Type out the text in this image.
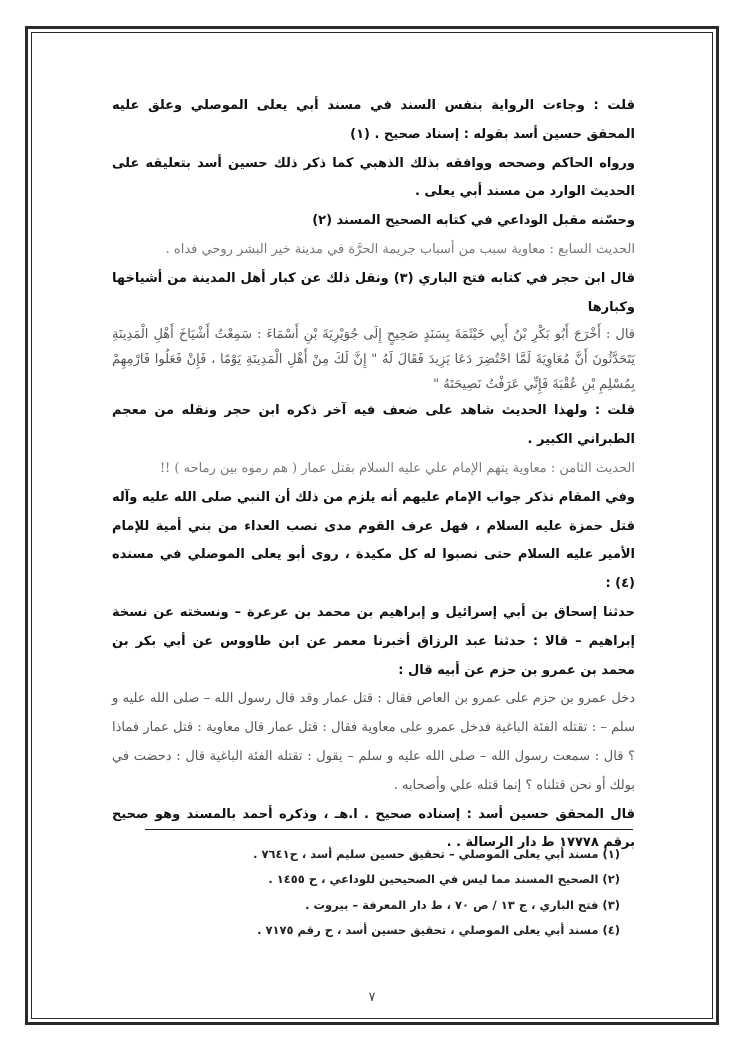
قلت : وجاءت الرواية بنفس السند في مسند أبي يعلى الموصلي وعلق عليه المحقق حسين أسد بقوله : إسناد صحيح . (١)

ورواه الحاكم وصححه ووافقه بذلك الذهبي كما ذكر ذلك حسين أسد بتعليقه على الحديث الوارد من مسند أبي يعلى .

وحسّنه مقبل الوداعي في كتابه الصحيح المسند (٢)

الحديث السابع : معاوية سبب من أسباب جريمة الحرَّة في مدينة خير البشر روحي فداه .

قال ابن حجر في كتابه فتح الباري (٣) ونقل ذلك عن كبار أهل المدينة من أشياخها وكبارها

قال : أَخْرَجَ أَبُو بَكْرِ بْنُ أَبِي خَيْثَمَةَ بِسَنَدٍ صَحِيحٍ إِلَى جُوَيْرِيَةَ بْنِ أَسْمَاءَ : سَمِعْتُ أَشْيَاخَ أَهْلِ الْمَدِينَةِ يَتَحَدَّثُونَ أَنَّ مُعَاوِيَةَ لَمَّا احْتُضِرَ دَعَا يَزِيدَ فَقَالَ لَهُ " إِنَّ لَكَ مِنْ أَهْلِ الْمَدِينَةِ يَوْمًا ، فَإِنْ فَعَلُوا فَارْمِهِمْ بِمُسْلِمِ بْنِ عُقْبَةَ فَإِنِّي عَرَفْتُ نَصِيحَتَهُ "

قلت : ولهذا الحديث شاهد على ضعف فيه آخر ذكره ابن حجر ونقله من معجم الطبراني الكبير .

الحديث الثامن : معاوية يتهم الإمام علي عليه السلام بقتل عمار ( هم رموه بين رماحه ) !!

وفي المقام نذكر جواب الإمام عليهم أنه يلزم من ذلك أن النبي صلى الله عليه وآله قتل حمزة عليه السلام ، فهل عرف القوم مدى نصب العداء من بني أمية للإمام الأمير عليه السلام حتى نصبوا له كل مكيدة ، روى أبو يعلى الموصلي في مسنده (٤) :

حدثنا إسحاق بن أبي إسرائيل و إبراهيم بن محمد بن عرعرة – ونسخته عن نسخة إبراهيم – قالا : حدثنا عبد الرزاق أخبرنا معمر عن ابن طاووس عن أبي بكر بن محمد بن عمرو بن حزم عن أبيه قال :

دخل عمرو بن حزم على عمرو بن العاص فقال : قتل عمار وقد قال رسول الله – صلى الله عليه و سلم – : تقتله الفئة الباغية فدخل عمرو على معاوية فقال : قتل عمار قال معاوية : قتل عمار فماذا ؟ قال : سمعت رسول الله – صلى الله عليه و سلم – يقول : تقتله الفئة الباغية قال : دحضت في بولك أو نحن قتلناه ؟ إنما قتله علي وأصحابه .

قال المحقق حسين أسد : إسناده صحيح . ا.هـ ، وذكره أحمد بالمسند وهو صحيح برقم ١٧٧٧٨ ط دار الرسالة . .

(١) مسند أبي يعلى الموصلي – تحقيق حسين سليم أسد ، ح٧٦٤١ .

(٢) الصحيح المسند مما ليس في الصحيحين للوداعي ، ح ١٤٥٥ .

(٣) فتح الباري ، ج ١٣ / ص ٧٠ ، ط دار المعرفة – بيروت .

(٤) مسند أبي يعلى الموصلي ، تحقيق حسين أسد ، ح رقم ٧١٧٥ .

٧
